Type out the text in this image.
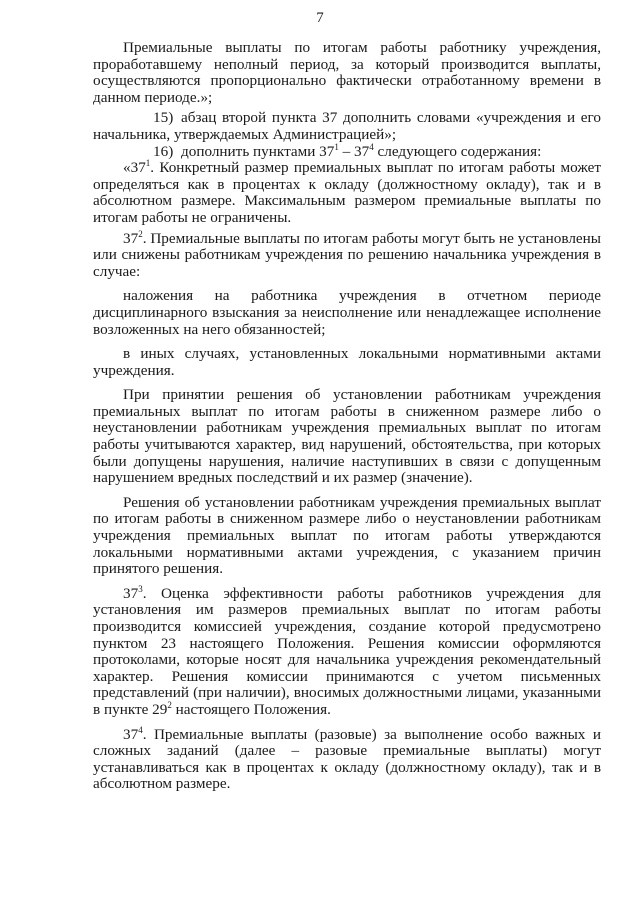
7

Премиальные выплаты по итогам работы работнику учреждения, проработавшему неполный период, за который производится выплаты, осуществляются пропорционально фактически отработанному времени в данном периоде.»;

15) абзац второй пункта 37 дополнить словами «учреждения и его начальника, утверждаемых Администрацией»;

16) дополнить пунктами $37^1 - 37^4$ следующего содержания:

«$37^1$. Конкретный размер премиальных выплат по итогам работы может определяться как в процентах к окладу (должностному окладу), так и в абсолютном размере. Максимальным размером премиальные выплаты по итогам работы не ограничены.

$37^2$. Премиальные выплаты по итогам работы могут быть не установлены или снижены работникам учреждения по решению начальника учреждения в случае:

наложения на работника учреждения в отчетном периоде дисциплинарного взыскания за неисполнение или ненадлежащее исполнение возложенных на него обязанностей;

в иных случаях, установленных локальными нормативными актами учреждения.

При принятии решения об установлении работникам учреждения премиальных выплат по итогам работы в сниженном размере либо о неустановлении работникам учреждения премиальных выплат по итогам работы учитываются характер, вид нарушений, обстоятельства, при которых были допущены нарушения, наличие наступивших в связи с допущенным нарушением вредных последствий и их размер (значение).

Решения об установлении работникам учреждения премиальных выплат по итогам работы в сниженном размере либо о неустановлении работникам учреждения премиальных выплат по итогам работы утверждаются локальными нормативными актами учреждения, с указанием причин принятого решения.

$37^3$. Оценка эффективности работы работников учреждения для установления им размеров премиальных выплат по итогам работы производится комиссией учреждения, создание которой предусмотрено пунктом 23 настоящего Положения. Решения комиссии оформляются протоколами, которые носят для начальника учреждения рекомендательный характер. Решения комиссии принимаются с учетом письменных представлений (при наличии), вносимых должностными лицами, указанными в пункте $29^2$ настоящего Положения.

$37^4$. Премиальные выплаты (разовые) за выполнение особо важных и сложных заданий (далее – разовые премиальные выплаты) могут устанавливаться как в процентах к окладу (должностному окладу), так и в абсолютном размере.
